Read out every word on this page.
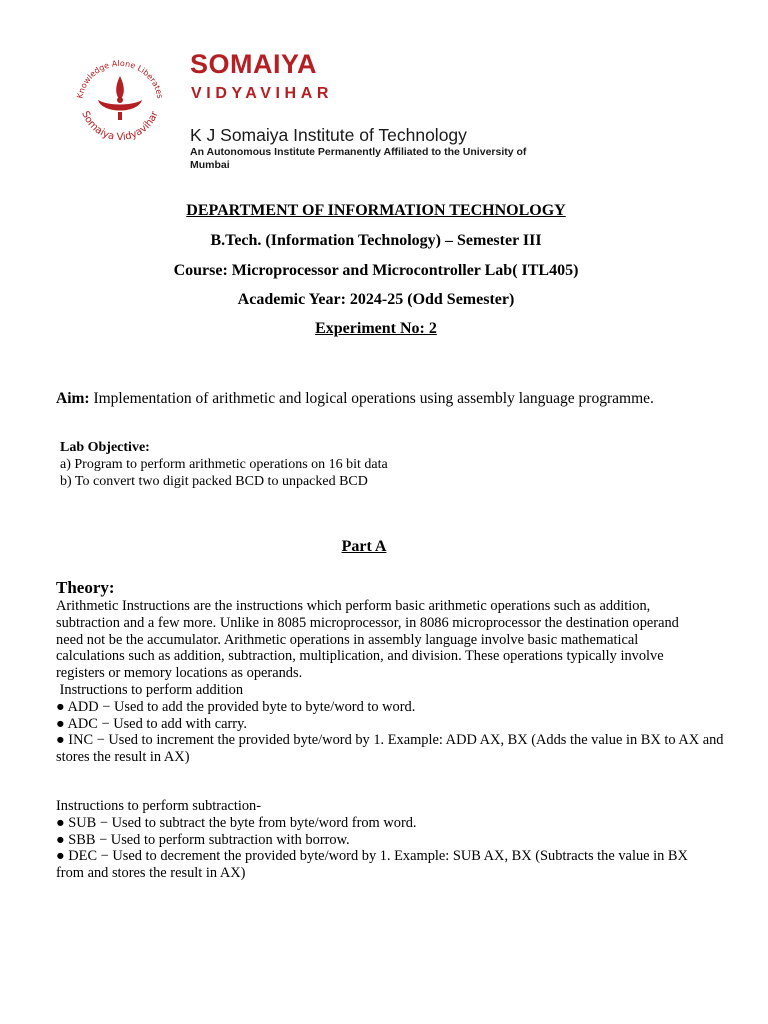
Knowledge Alone Liberates
Somaiya Vidyavihar
SOMAIYA
VIDYAVIHAR
K J Somaiya Institute of Technology
An Autonomous Institute Permanently Affiliated to the University of
Mumbai
DEPARTMENT OF INFORMATION TECHNOLOGY
B.Tech. (Information Technology) – Semester III
Course: Microprocessor and Microcontroller Lab( ITL405)
Academic Year: 2024-25 (Odd Semester)
Experiment No: 2
Aim: Implementation of arithmetic and logical operations using assembly language programme.
Lab Objective:
a) Program to perform arithmetic operations on 16 bit data
b) To convert two digit packed BCD to unpacked BCD
Part A
Theory:
Arithmetic Instructions are the instructions which perform basic arithmetic operations such as addition,
subtraction and a few more. Unlike in 8085 microprocessor, in 8086 microprocessor the destination operand
need not be the accumulator. Arithmetic operations in assembly language involve basic mathematical
calculations such as addition, subtraction, multiplication, and division. These operations typically involve
registers or memory locations as operands.
Instructions to perform addition
● ADD − Used to add the provided byte to byte/word to word.
● ADC − Used to add with carry.
● INC − Used to increment the provided byte/word by 1. Example: ADD AX, BX (Adds the value in BX to AX and stores the result in AX)
Instructions to perform subtraction-
● SUB − Used to subtract the byte from byte/word from word.
● SBB − Used to perform subtraction with borrow.
● DEC − Used to decrement the provided byte/word by 1. Example: SUB AX, BX (Subtracts the value in BX from and stores the result in AX)
